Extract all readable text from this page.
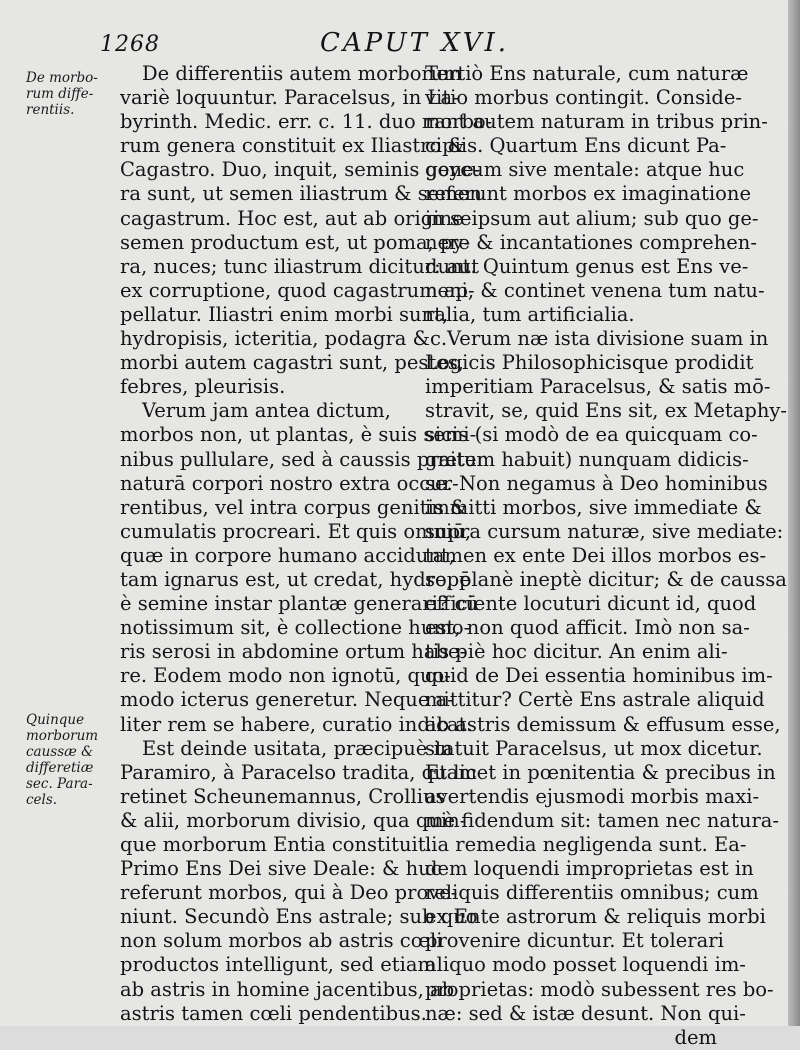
1268	CAPUT XVI.
De morbo-
rum diffe-
rentiis.
Quinque
morborum
caussæ &
differetiæ
sec. Para-
cels.
De differentiis autem morborum
variè loquuntur. Paracelsus, in La-
byrinth. Medic. err. c. 11. duo morbo-
rum genera constituit ex Iliastro &
Cagastro. Duo, inquit, seminis gene-
ra sunt, ut semen iliastrum & semen
cagastrum. Hoc est, aut ab origine
semen productum est, ut poma, py-
ra, nuces; tunc iliastrum dicitur: aut
ex corruptione, quod cagastrum ap-
pellatur. Iliastri enim morbi sunt,
hydropisis, icteritia, podagra &c.
morbi autem cagastri sunt, pestes,
febres, pleurisis.
Verum jam antea dictum,
morbos non, ut plantas, è suis semi-
nibus pullulare, sed à caussis præter
naturā corpori nostro extra occur-
rentibus, vel intra corpus genitis &
cumulatis procreari. Et quis omniū,
quæ in corpore humano accidunt,
tam ignarus est, ut credat, hydropē
è semine instar plantæ generari? cū
notissimum sit, è collectione humo-
ris serosi in abdomine ortum habe-
re. Eodem modo non ignotū, quo-
modo icterus generetur. Neque a-
liter rem se habere, curatio indicat.
Est deinde usitata, præcipuè in
Paramiro, à Paracelso tradita, quam
retinet Scheunemannus, Crollius
& alii, morborum divisio, qua quin-
que morborum Entia constituit.
Primo Ens Dei sive Deale: & huc
referunt morbos, qui à Deo prove-
niunt. Secundò Ens astrale; sub quo
non solum morbos ab astris cœli
productos intelligunt, sed etiam
ab astris in homine jacentibus, ab
astris tamen cœli pendentibus.
Tertiò Ens naturale, cum naturæ
vitio morbus contingit. Conside-
rant autem naturam in tribus prin-
cipiis. Quartum Ens dicunt Pa-
goycum sive mentale: atque huc
referunt morbos ex imaginatione
in seipsum aut alium; sub quo ge-
nere & incantationes comprehen-
dunt. Quintum genus est Ens ve-
neni, & continet venena tum natu-
ralia, tum artificialia.
Verum næ ista divisione suam in
Logicis Philosophicisque prodidit
imperitiam Paracelsus, & satis mō-
stravit, se, quid Ens sit, ex Metaphy-
sicis (si modò de ea quicquam co-
gnitum habuit) nunquam didicis-
se. Non negamus à Deo hominibus
immitti morbos, sive immediate &
supra cursum naturæ, sive mediate:
tamen ex ente Dei illos morbos es-
se, planè ineptè dicitur; & de caussa
efficiente locuturi dicunt id, quod
est, non quod afficit. Imò non sa-
tis piè hoc dicitur. An enim ali-
quid de Dei essentia hominibus im-
mittitur? Certè Ens astrale aliquid
ab astris demissum & effusum esse,
statuit Paracelsus, ut mox dicetur.
Et licet in pœnitentia & precibus in
avertendis ejusmodi morbis maxi-
mè fidendum sit: tamen nec natura-
lia remedia negligenda sunt. Ea-
dem loquendi improprietas est in
reliquis differentiis omnibus; cum
ex Ente astrorum & reliquis morbi
provenire dicuntur. Et tolerari
aliquo modo posset loquendi im-
proprietas: modò subessent res bo-
næ: sed & istæ desunt. Non qui-
dem
